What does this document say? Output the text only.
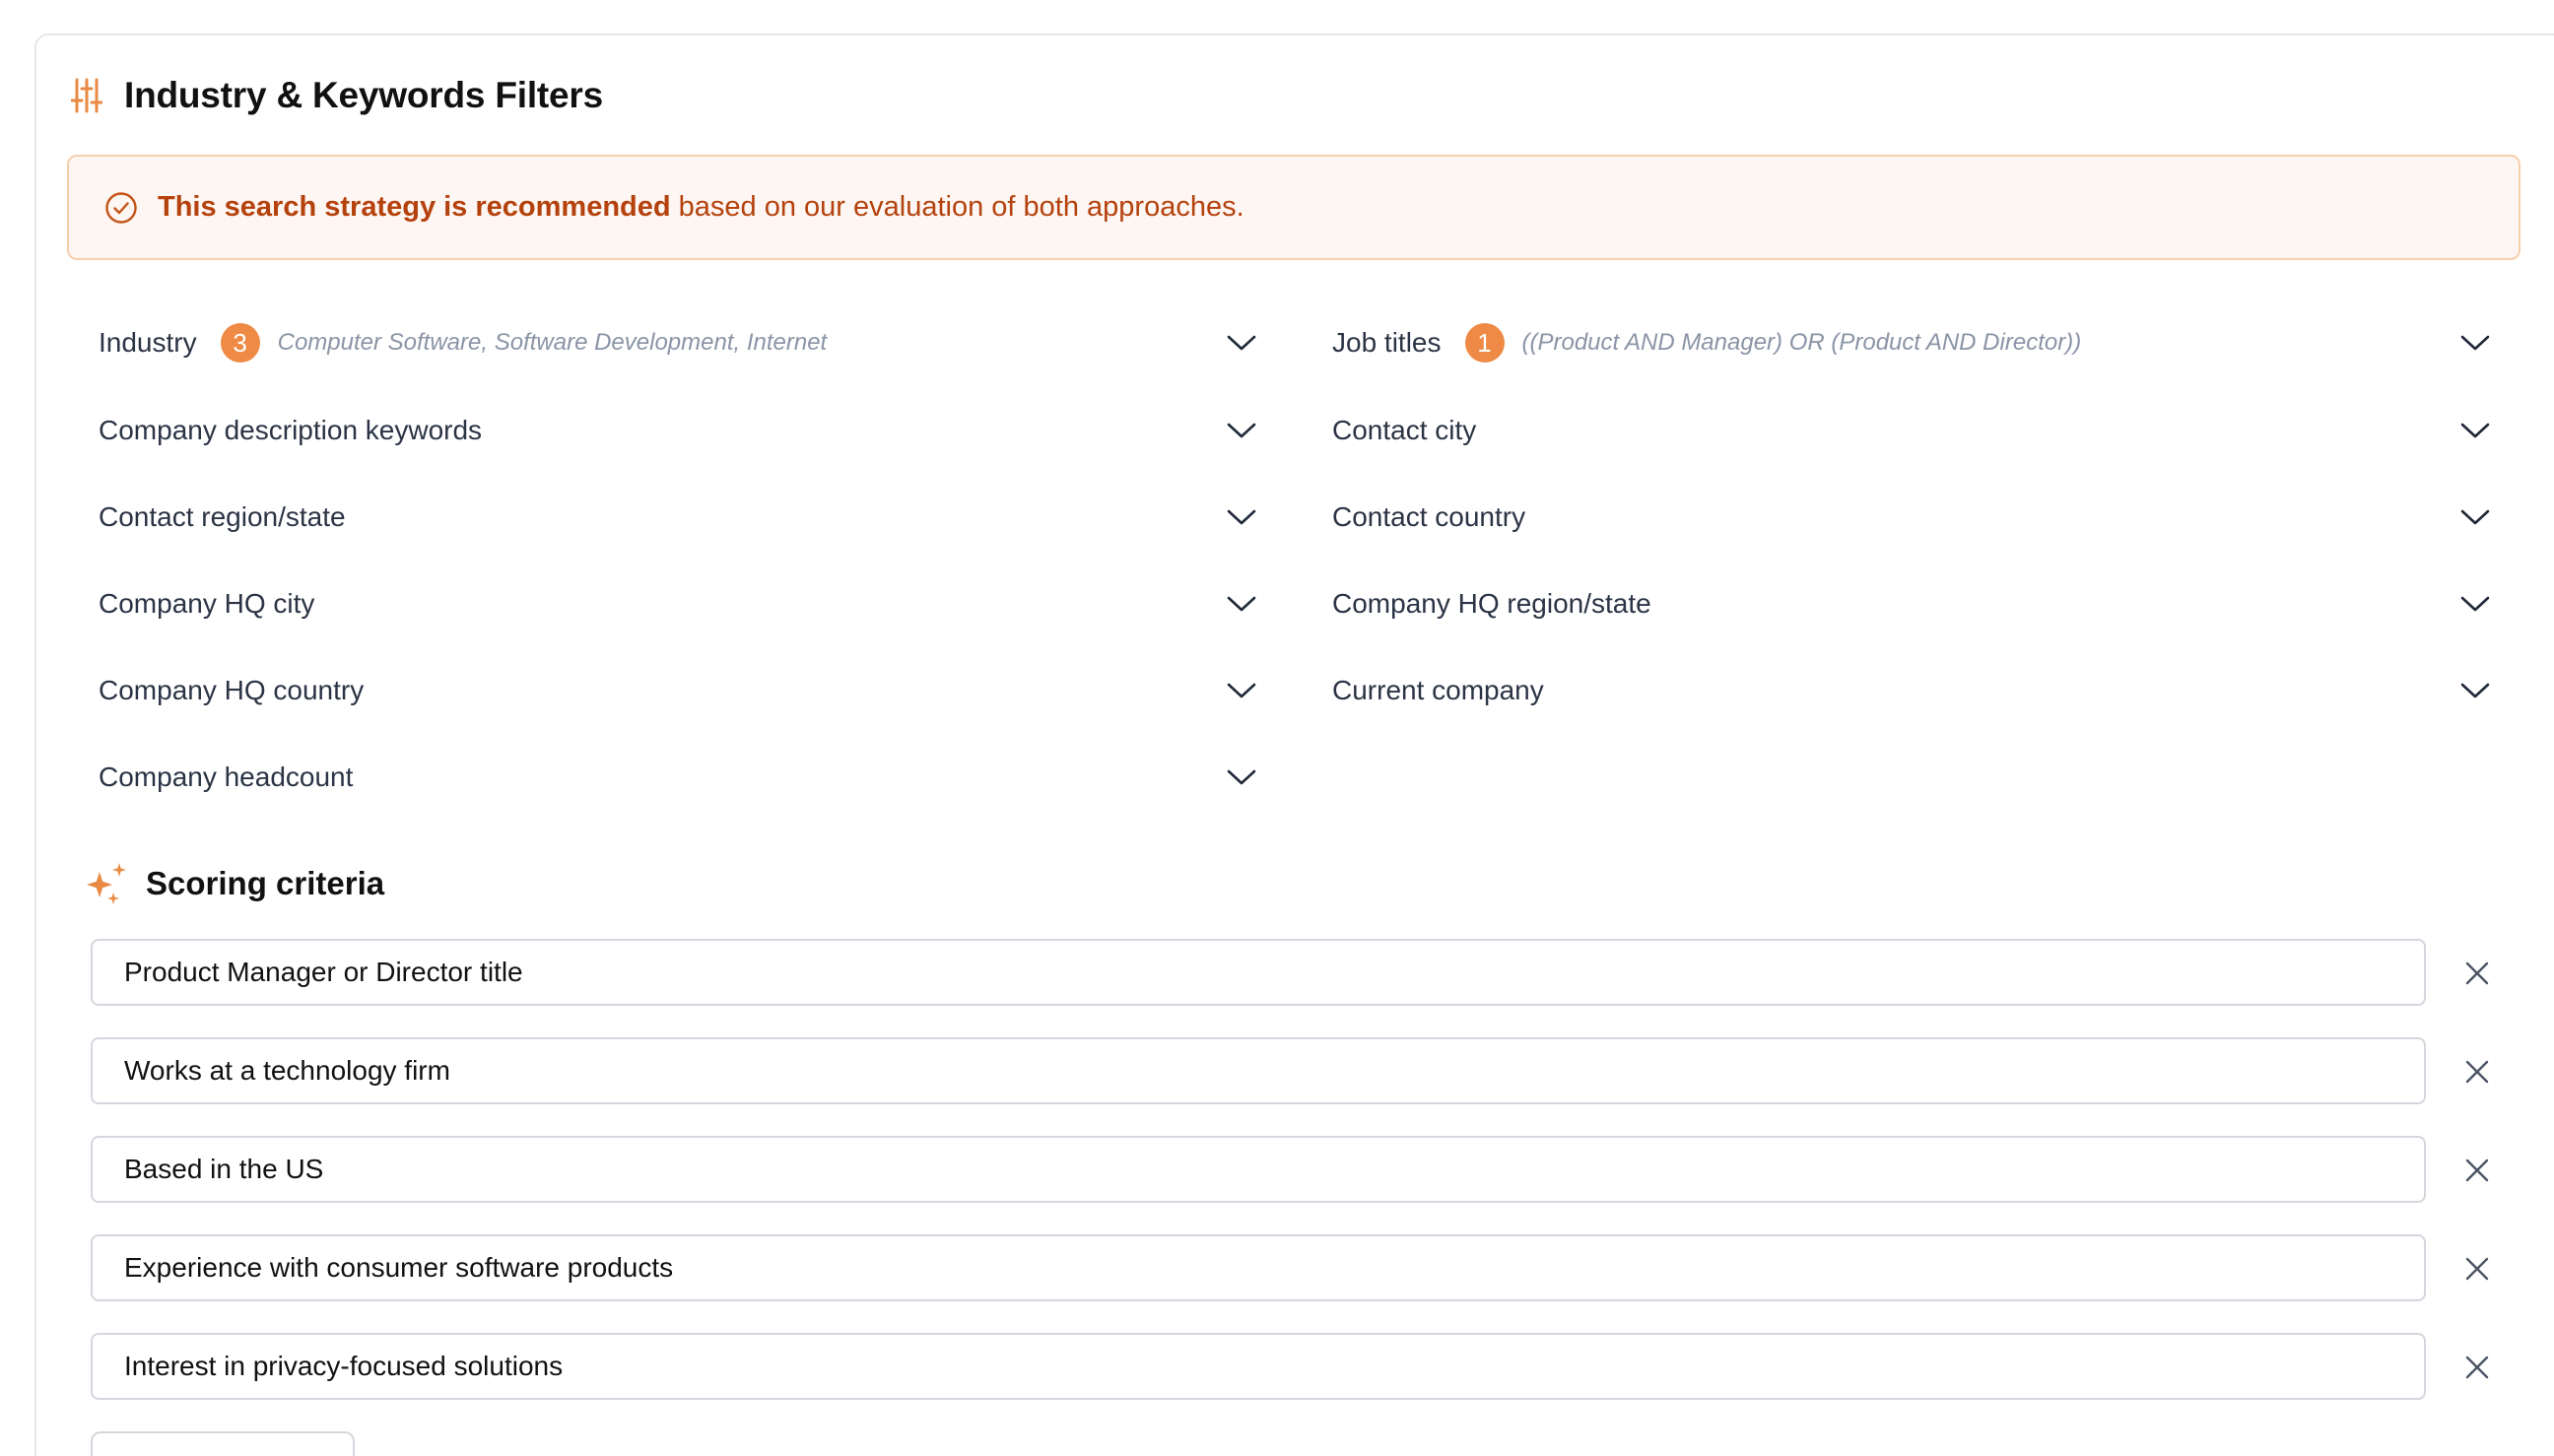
Industry & Keywords Filters
This search strategy is recommended based on our evaluation of both approaches.
Industry	3	Computer Software, Software Development, Internet
Company description keywords
Contact region/state
Company HQ city
Company HQ country
Company headcount
Job titles	1	((Product AND Manager) OR (Product AND Director))
Contact city
Contact country
Company HQ region/state
Current company
Scoring criteria
Product Manager or Director title
Works at a technology firm
Based in the US
Experience with consumer software products
Interest in privacy-focused solutions
